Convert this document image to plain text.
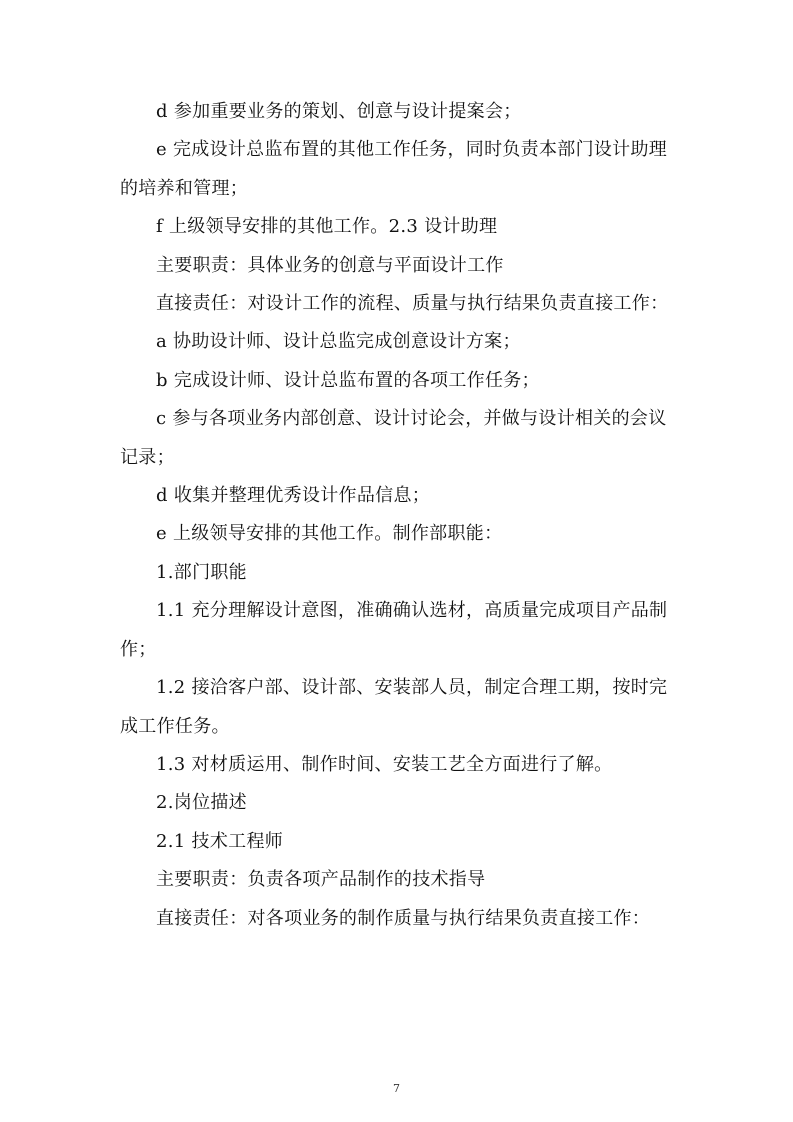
d 参加重要业务的策划、创意与设计提案会；

e 完成设计总监布置的其他工作任务，同时负责本部门设计助理
的培养和管理；

f 上级领导安排的其他工作。2.3 设计助理

主要职责：具体业务的创意与平面设计工作

直接责任：对设计工作的流程、质量与执行结果负责直接工作：

a 协助设计师、设计总监完成创意设计方案；

b 完成设计师、设计总监布置的各项工作任务；

c 参与各项业务内部创意、设计讨论会，并做与设计相关的会议
记录；

d 收集并整理优秀设计作品信息；

e 上级领导安排的其他工作。制作部职能：

1.部门职能

1.1 充分理解设计意图，准确确认选材，高质量完成项目产品制
作；

1.2 接洽客户部、设计部、安装部人员，制定合理工期，按时完
成工作任务。

1.3 对材质运用、制作时间、安装工艺全方面进行了解。

2.岗位描述

2.1 技术工程师

主要职责：负责各项产品制作的技术指导

直接责任：对各项业务的制作质量与执行结果负责直接工作：

7
